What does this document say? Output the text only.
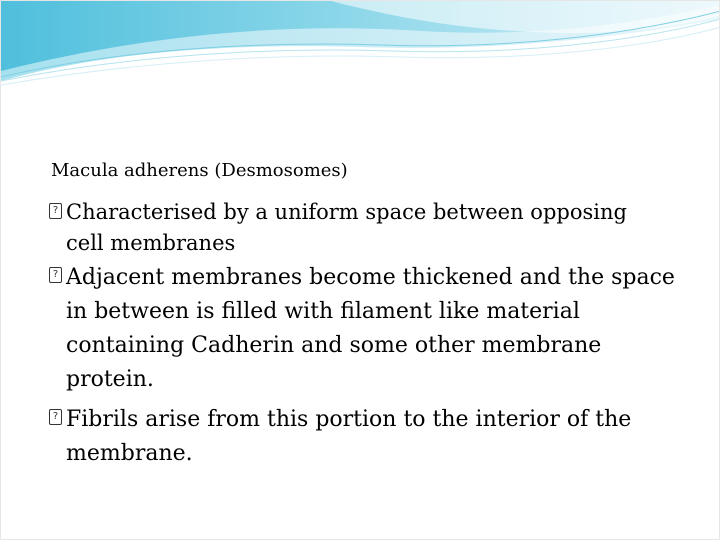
Macula adherens (Desmosomes)
?
Characterised by a uniform space between opposing cell membranes
?
Adjacent membranes become thickened and the space in between is filled with filament like material containing Cadherin and some other membrane protein.
?
Fibrils arise from this portion to the interior of the membrane.
